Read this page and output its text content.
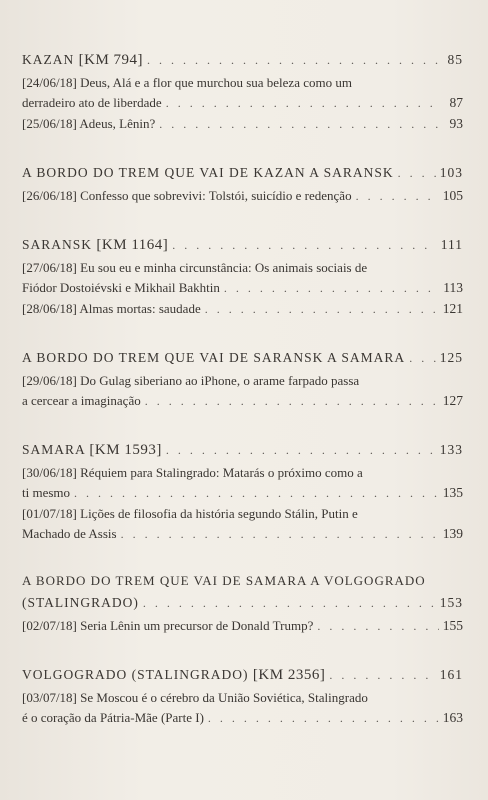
KAZAN [KM 794] . . .	85
[24/06/18] Deus, Alá e a flor que murchou sua beleza como um
derradeiro ato de liberdade . . .	87
[25/06/18] Adeus, Lênin? . . .	93
A BORDO DO TREM QUE VAI DE KAZAN A SARANSK . . .	103
[26/06/18] Confesso que sobrevivi: Tolstói, suicídio e redenção . . .	105
SARANSK [KM 1164] . . .	111
[27/06/18] Eu sou eu e minha circunstância: Os animais sociais de
Fiódor Dostoiévski e Mikhail Bakhtin . . .	113
[28/06/18] Almas mortas: saudade . . .	121
A BORDO DO TREM QUE VAI DE SARANSK A SAMARA . . .	125
[29/06/18] Do Gulag siberiano ao iPhone, o arame farpado passa
a cercear a imaginação . . .	127
SAMARA [KM 1593] . . .	133
[30/06/18] Réquiem para Stalingrado: Matarás o próximo como a
ti mesmo . . .	135
[01/07/18] Lições de filosofia da história segundo Stálin, Putin e
Machado de Assis . . .	139
A BORDO DO TREM QUE VAI DE SAMARA A VOLGOGRADO
(STALINGRADO) . . .	153
[02/07/18] Seria Lênin um precursor de Donald Trump? . . .	155
VOLGOGRADO (STALINGRADO) [KM 2356] . . .	161
[03/07/18] Se Moscou é o cérebro da União Soviética, Stalingrado
é o coração da Pátria-Mãe (Parte I) . . .	163
